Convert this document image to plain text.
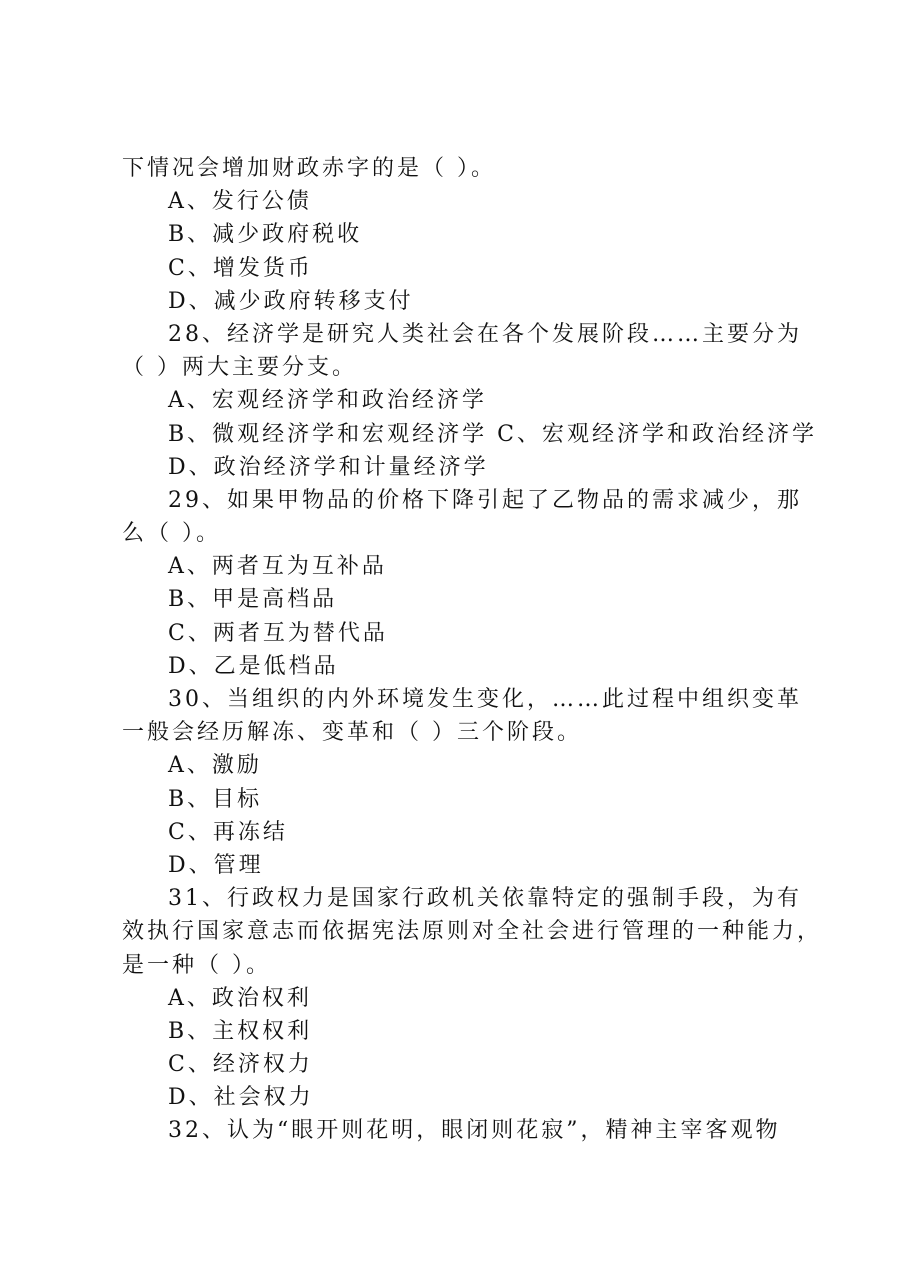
下情况会增加财政赤字的是（ ）。
A、发行公债
B、减少政府税收
C、增发货币
D、减少政府转移支付
28、经济学是研究人类社会在各个发展阶段……主要分为
（ ）两大主要分支。
A、宏观经济学和政治经济学
B、微观经济学和宏观经济学 C、宏观经济学和政治经济学
D、政治经济学和计量经济学
29、如果甲物品的价格下降引起了乙物品的需求减少，那
么（ ）。
A、两者互为互补品
B、甲是高档品
C、两者互为替代品
D、乙是低档品
30、当组织的内外环境发生变化，……此过程中组织变革
一般会经历解冻、变革和（ ）三个阶段。
A、激励
B、目标
C、再冻结
D、管理
31、行政权力是国家行政机关依靠特定的强制手段，为有
效执行国家意志而依据宪法原则对全社会进行管理的一种能力，
是一种（ ）。
A、政治权利
B、主权权利
C、经济权力
D、社会权力
32、认为“眼开则花明，眼闭则花寂”，精神主宰客观物
